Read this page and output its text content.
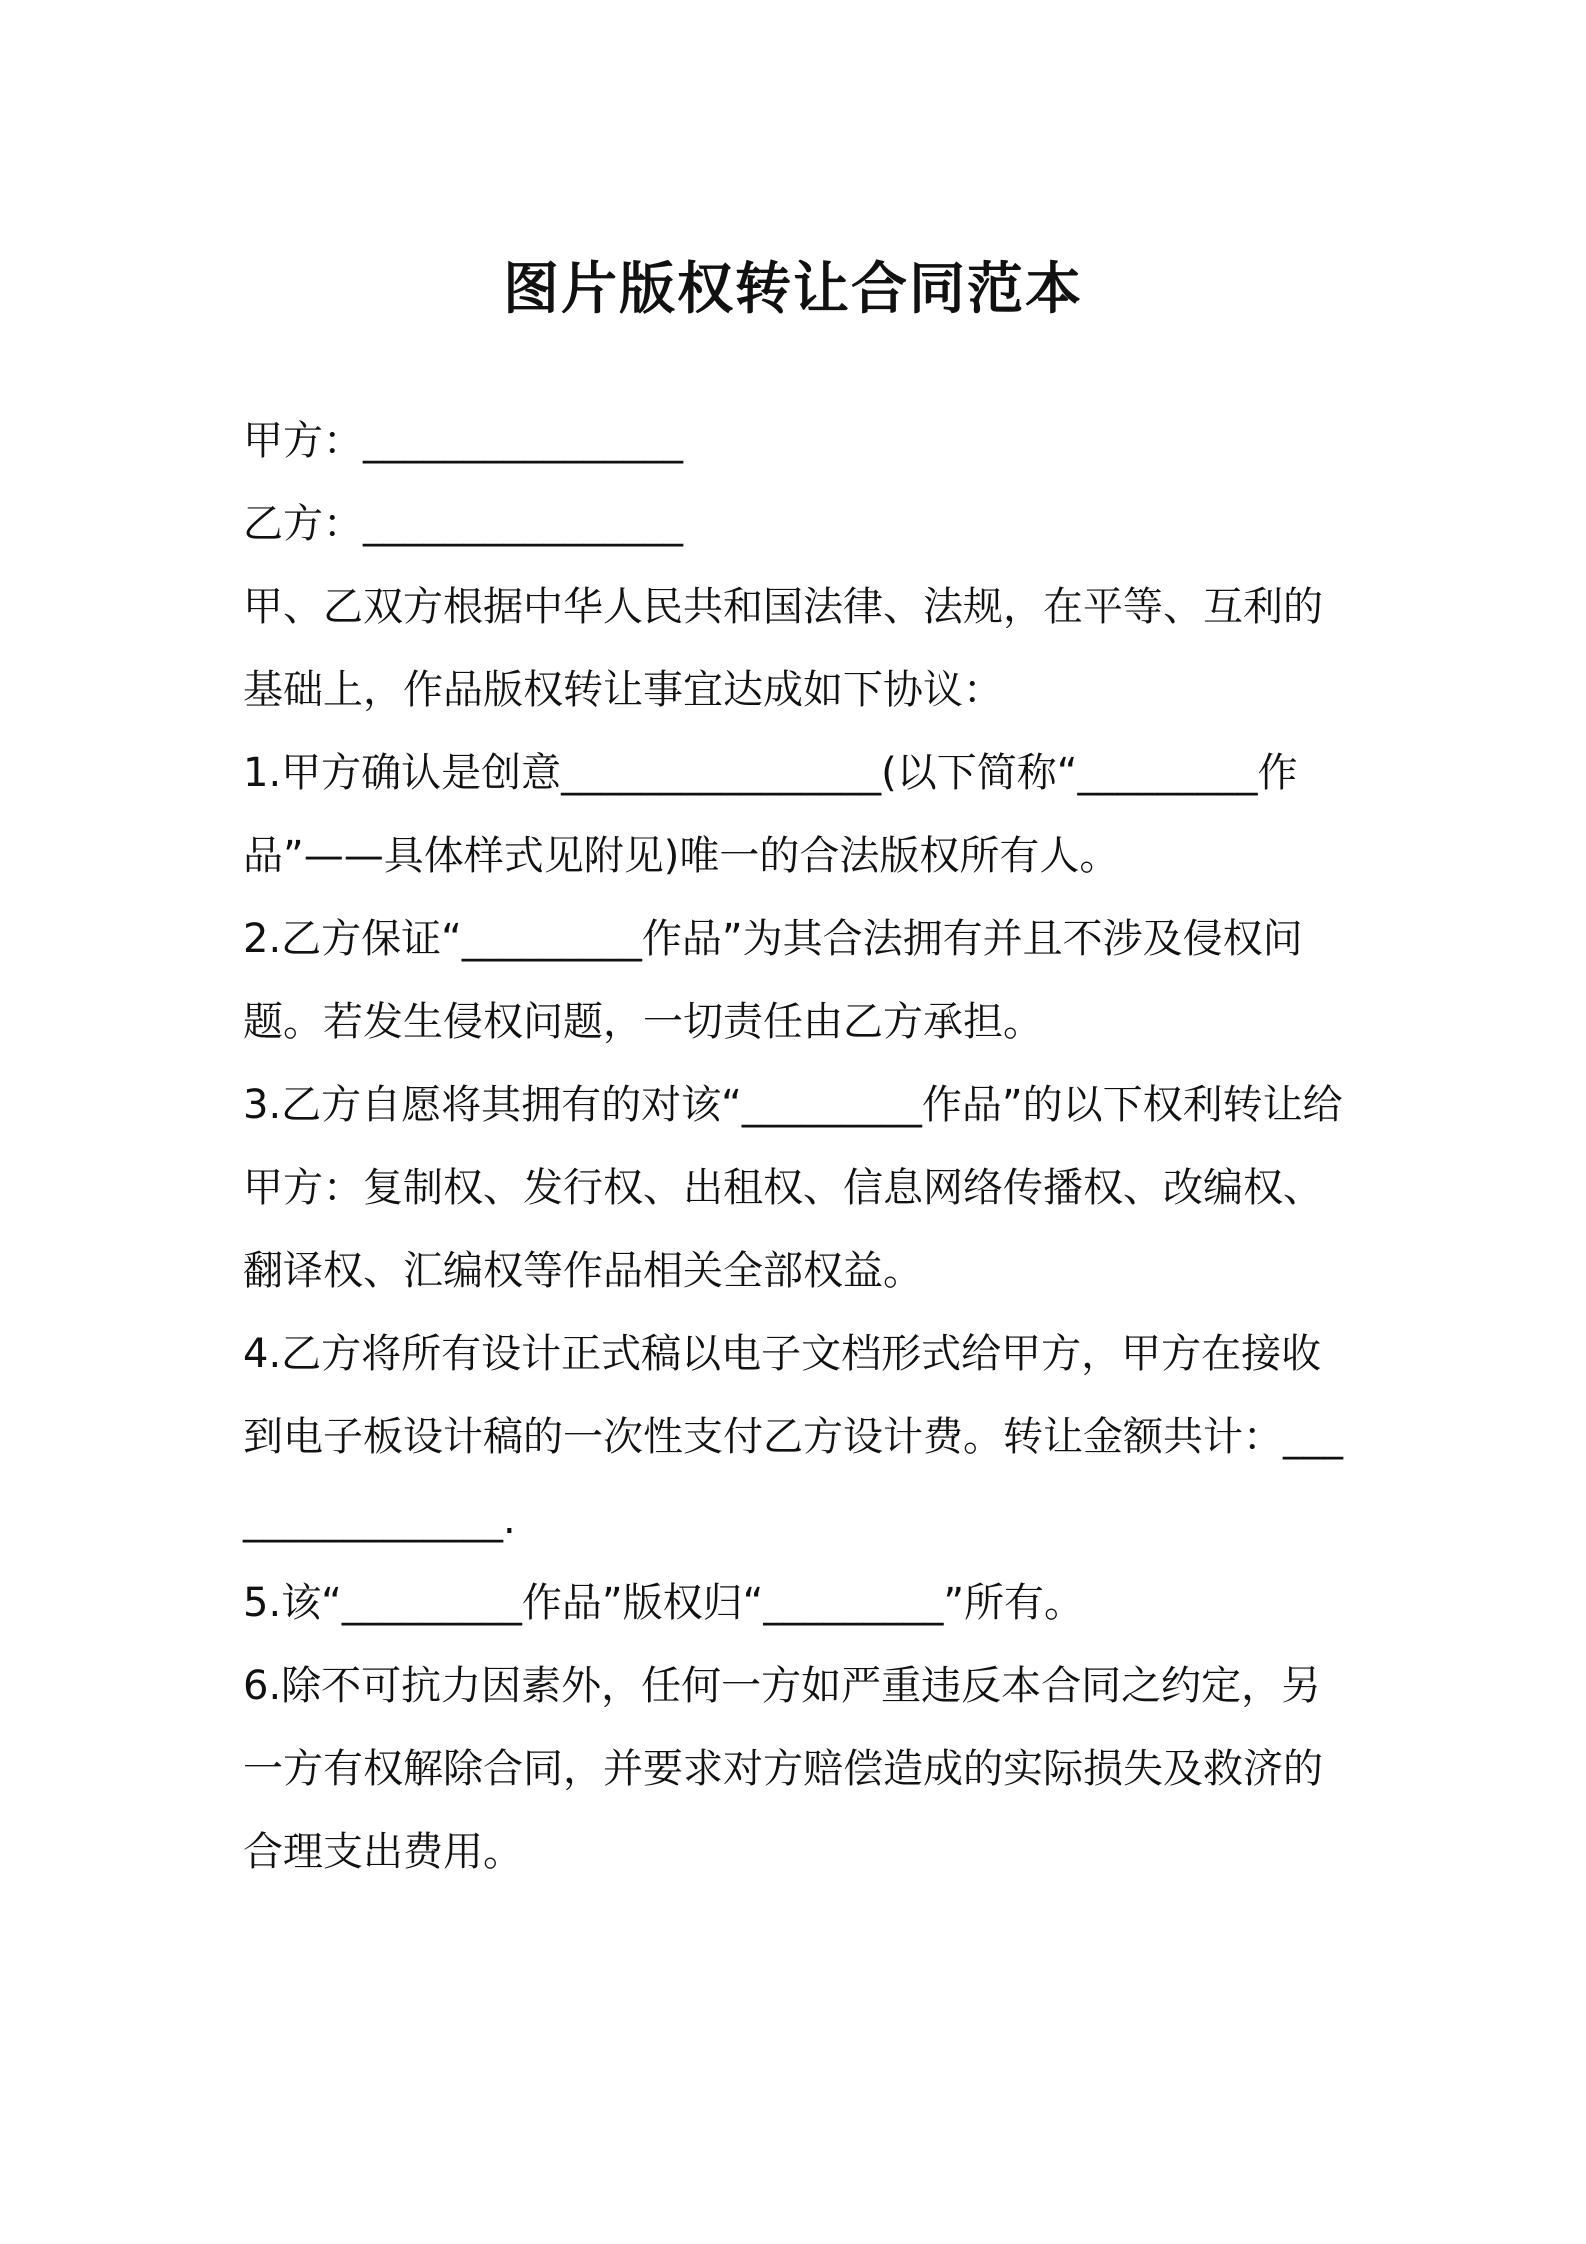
图片版权转让合同范本

甲方：________________

乙方：________________

甲、乙双方根据中华人民共和国法律、法规，在平等、互利的基础上，作品版权转让事宜达成如下协议：

1.甲方确认是创意________________(以下简称“_________作品”——具体样式见附见)唯一的合法版权所有人。

2.乙方保证“_________作品”为其合法拥有并且不涉及侵权问题。若发生侵权问题，一切责任由乙方承担。

3.乙方自愿将其拥有的对该“_________作品”的以下权利转让给甲方：复制权、发行权、出租权、信息网络传播权、改编权、翻译权、汇编权等作品相关全部权益。

4.乙方将所有设计正式稿以电子文档形式给甲方，甲方在接收到电子板设计稿的一次性支付乙方设计费。转让金额共计：________________.

5.该“_________作品”版权归“_________”所有。

6.除不可抗力因素外，任何一方如严重违反本合同之约定，另一方有权解除合同，并要求对方赔偿造成的实际损失及救济的合理支出费用。
